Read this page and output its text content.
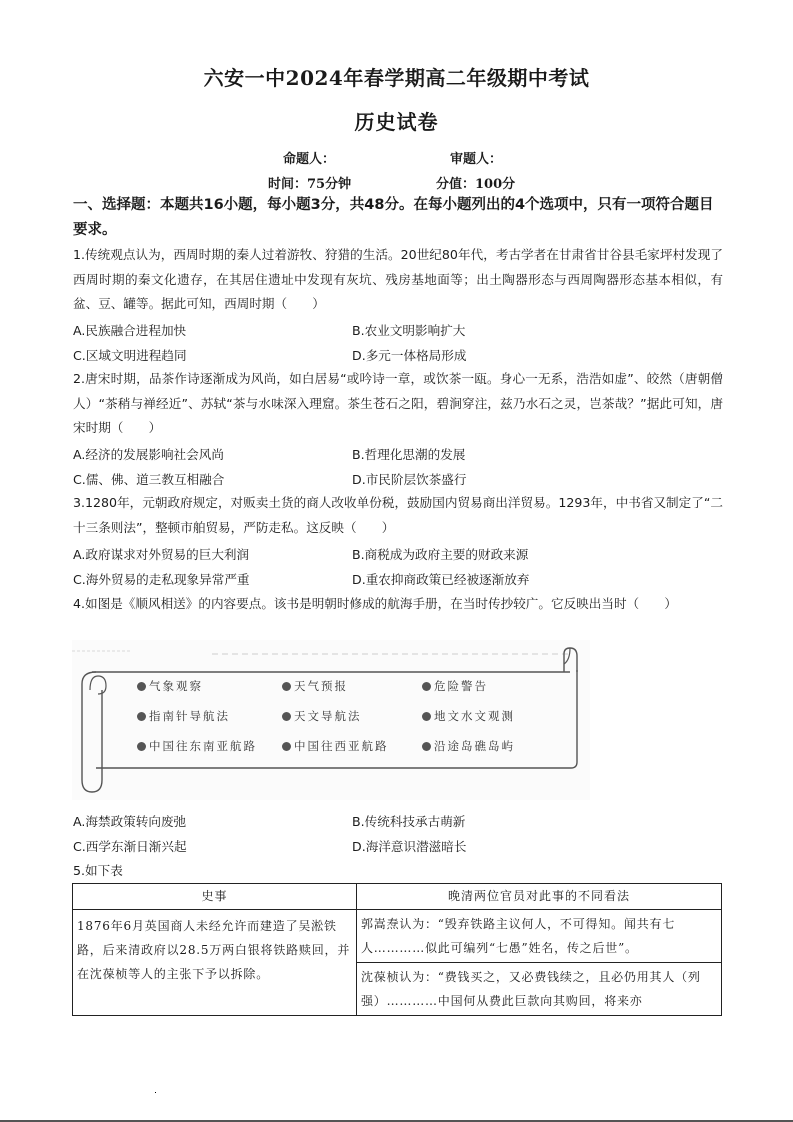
六安一中2024年春学期高二年级期中考试
历史试卷
命题人：	审题人：
时间：75分钟	分值：100分
一、选择题：本题共16小题，每小题3分，共48分。在每小题列出的4个选项中，只有一项符合题目要求。
1.传统观点认为，西周时期的秦人过着游牧、狩猎的生活。20世纪80年代，考古学者在甘肃省甘谷县毛家坪村发现了西周时期的秦文化遗存，在其居住遗址中发现有灰坑、残房基地面等；出土陶器形态与西周陶器形态基本相似，有盆、豆、罐等。据此可知，西周时期（　　）
A.民族融合进程加快	B.农业文明影响扩大
C.区域文明进程趋同	D.多元一体格局形成
2.唐宋时期，品茶作诗逐渐成为风尚，如白居易“或吟诗一章，或饮茶一瓯。身心一无系，浩浩如虚”、皎然（唐朝僧人）“茶稍与禅经近”、苏轼“茶与水味深入理窟。茶生苍石之阳，碧涧穿注，兹乃水石之灵，岂茶哉？”据此可知，唐宋时期（　　）
A.经济的发展影响社会风尚	B.哲理化思潮的发展
C.儒、佛、道三教互相融合	D.市民阶层饮茶盛行
3.1280年，元朝政府规定，对贩卖土货的商人改收单份税，鼓励国内贸易商出洋贸易。1293年，中书省又制定了“二十三条则法”，整顿市舶贸易，严防走私。这反映（　　）
A.政府谋求对外贸易的巨大利润	B.商税成为政府主要的财政来源
C.海外贸易的走私现象异常严重	D.重农抑商政策已经被逐渐放弃
4.如图是《顺风相送》的内容要点。该书是明朝时修成的航海手册，在当时传抄较广。它反映出当时（　　）
气象观察	天气预报	危险警告
指南针导航法	天文导航法	地文水文观测
中国往东南亚航路	中国往西亚航路	沿途岛礁岛屿
A.海禁政策转向废弛	B.传统科技承古萌新
C.西学东渐日渐兴起	D.海洋意识潜滋暗长
5.如下表
史事	晚清两位官员对此事的不同看法
1876年6月英国商人未经允许而建造了吴淞铁路，后来清政府以28.5万两白银将铁路赎回，并在沈葆桢等人的主张下予以拆除。	郭嵩焘认为：“毁弃铁路主议何人，不可得知。闻共有七人…………似此可编列“七愚”姓名，传之后世”。
	沈葆桢认为：“费钱买之，又必费钱续之，且必仍用其人（列强）…………中国何从费此巨款向其购回，将来亦
